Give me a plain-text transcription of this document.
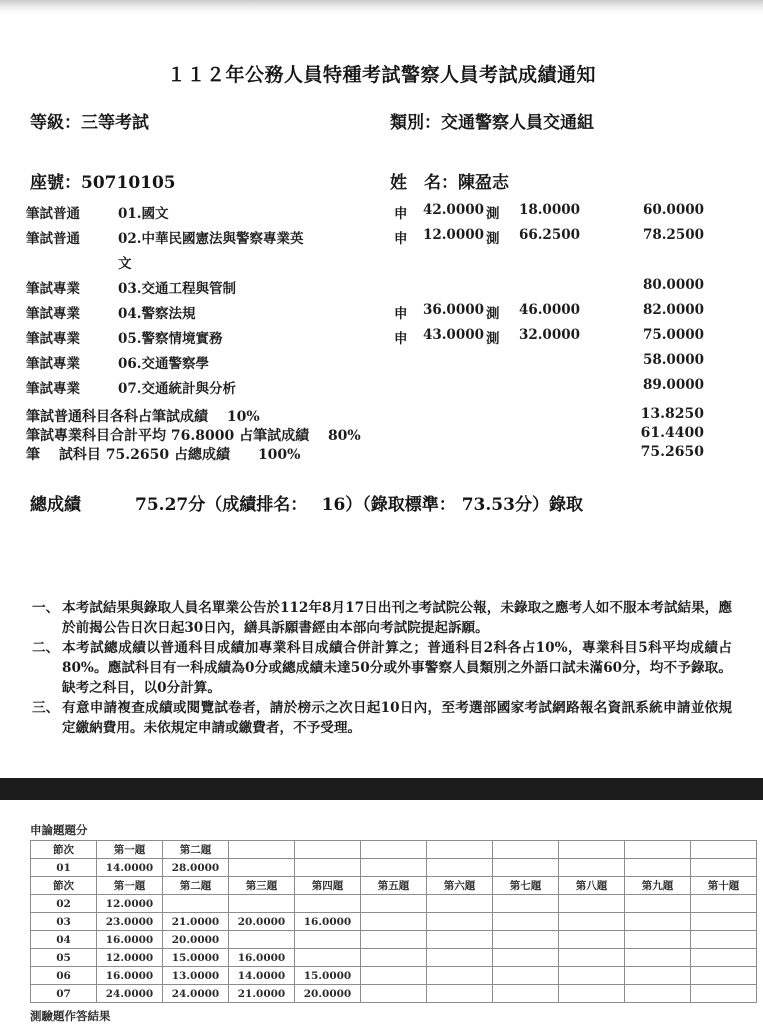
１１２年公務人員特種考試警察人員考試成績通知
等級：三等考試	類別：交通警察人員交通組
座號：50710105	姓　名：陳盈志
筆試普通	01.國文	申	42.0000 測	18.0000	60.0000
筆試普通	02.中華民國憲法與警察專業英	申	12.0000 測	66.2500	78.2500
文
筆試專業	03.交通工程與管制	80.0000
筆試專業	04.警察法規	申	36.0000 測	46.0000	82.0000
筆試專業	05.警察情境實務	申	43.0000 測	32.0000	75.0000
筆試專業	06.交通警察學	58.0000
筆試專業	07.交通統計與分析	89.0000
筆試普通科目各科占筆試成績　 10%	13.8250
筆試專業科目合計平均 76.8000 占筆試成績　 80%	61.4400
筆　 試科目 75.2650 占總成績　　100%	75.2650
總成績	75.27分（成績排名：　 16）（錄取標準： 73.53分）錄取
一、 本考試結果與錄取人員名單業公告於112年8月17日出刊之考試院公報，未錄取之應考人如不服本考試結果，應於前揭公告日次日起30日內，繕具訴願書經由本部向考試院提起訴願。
二、 本考試總成績以普通科目成績加專業科目成績合併計算之；普通科目2科各占10%，專業科目5科平均成績占80%。應試科目有一科成績為0分或總成績未達50分或外事警察人員類別之外語口試未滿60分，均不予錄取。缺考之科目，以0分計算。
三、 有意申請複查成績或閱覽試卷者，請於榜示之次日起10日內，至考選部國家考試網路報名資訊系統申請並依規定繳納費用。未依規定申請或繳費者，不予受理。
申論題題分
節次	第一題	第二題								
01	14.0000	28.0000								
節次	第一題	第二題	第三題	第四題	第五題	第六題	第七題	第八題	第九題	第十題
02	12.0000									
03	23.0000	21.0000	20.0000	16.0000						
04	16.0000	20.0000								
05	12.0000	15.0000	16.0000							
06	16.0000	13.0000	14.0000	15.0000						
07	24.0000	24.0000	21.0000	20.0000						
測驗題作答結果
